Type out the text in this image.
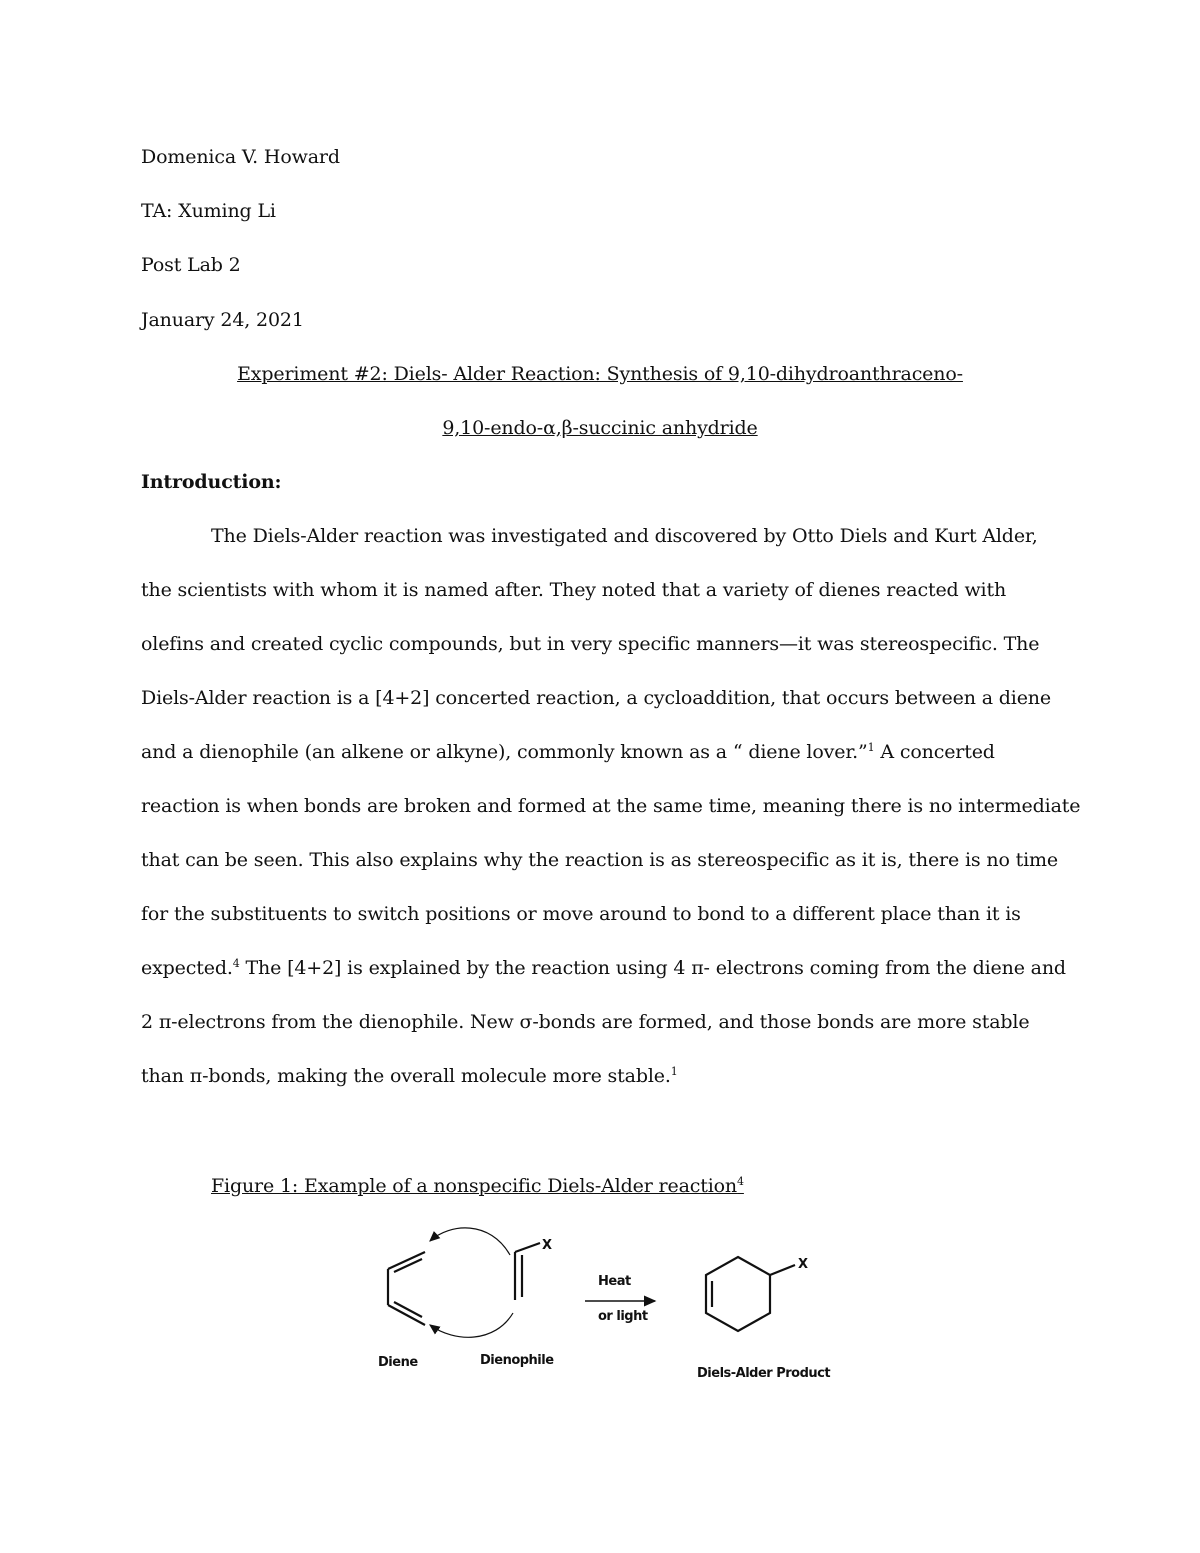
Domenica V. Howard
TA: Xuming Li
Post Lab 2
January 24, 2021
Experiment #2: Diels- Alder Reaction: Synthesis of 9,10-dihydroanthraceno-
9,10-endo-α,β-succinic anhydride
Introduction:
The Diels-Alder reaction was investigated and discovered by Otto Diels and Kurt Alder,
the scientists with whom it is named after. They noted that a variety of dienes reacted with
olefins and created cyclic compounds, but in very specific manners—it was stereospecific. The
Diels-Alder reaction is a [4+2] concerted reaction, a cycloaddition, that occurs between a diene
and a dienophile (an alkene or alkyne), commonly known as a “ diene lover.”$^1$ A concerted
reaction is when bonds are broken and formed at the same time, meaning there is no intermediate
that can be seen. This also explains why the reaction is as stereospecific as it is, there is no time
for the substituents to switch positions or move around to bond to a different place than it is
expected.$^4$ The [4+2] is explained by the reaction using 4 π- electrons coming from the diene and
2 π-electrons from the dienophile. New σ-bonds are formed, and those bonds are more stable
than π-bonds, making the overall molecule more stable.$^1$
Figure 1: Example of a nonspecific Diels-Alder reaction$^4$
X
Heat
or light
X
Diene	Dienophile
Diels-Alder Product
